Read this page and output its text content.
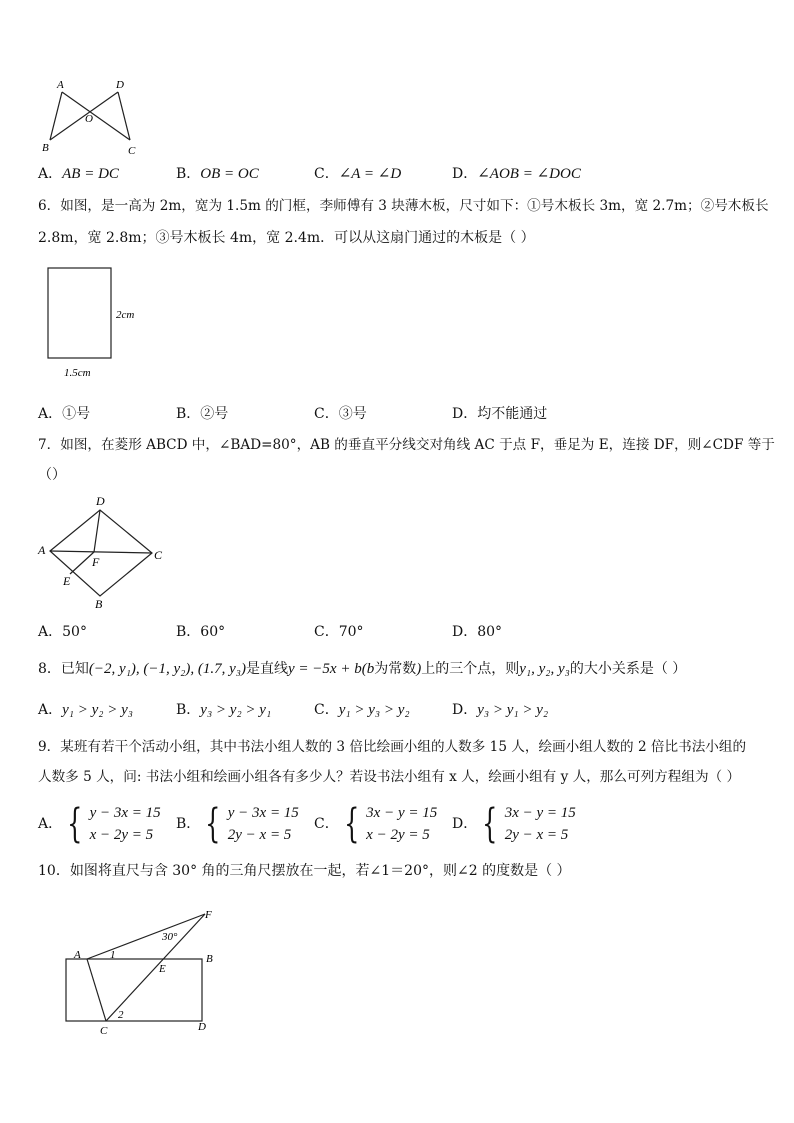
A	D
O
B	C
A．AB = DC	B．OB = OC	C．∠A = ∠D	D．∠AOB = ∠DOC
6．如图，是一高为 2m，宽为 1.5m 的门框，李师傅有 3 块薄木板，尺寸如下：①号木板长 3m，宽 2.7m；②号木板长
2.8m，宽 2.8m；③号木板长 4m，宽 2.4m．可以从这扇门通过的木板是（ ）
2cm
1.5cm
A．①号	B．②号	C．③号	D．均不能通过
7．如图，在菱形 ABCD 中，∠BAD=80°，AB 的垂直平分线交对角线 AC 于点 F，垂足为 E，连接 DF，则∠CDF 等于
（）
A
D
C
B
F
E
A．50°	B．60°	C．70°	D．80°
8．已知(−2, y₁), (−1, y₂), (1.7, y₃)是直线y = −5x + b(b为常数)上的三个点，则y₁, y₂, y₃的大小关系是（ ）
A．y₁ > y₂ > y₃	B．y₃ > y₂ > y₁	C．y₁ > y₃ > y₂	D．y₃ > y₁ > y₂
9．某班有若干个活动小组，其中书法小组人数的 3 倍比绘画小组的人数多 15 人，绘画小组人数的 2 倍比书法小组的
人数多 5 人，问: 书法小组和绘画小组各有多少人？若设书法小组有 x 人，绘画小组有 y 人，那么可列方程组为（ ）
A． { y − 3x = 15
x − 2y = 5
B． { y − 3x = 15
2y − x = 5
C． { 3x − y = 15
x − 2y = 5
D． { 3x − y = 15
2y − x = 5
10．如图将直尺与含 30° 角的三角尺摆放在一起，若∠1＝20°，则∠2 的度数是（ ）
F
A	B
C	D
E
1
2
30°
